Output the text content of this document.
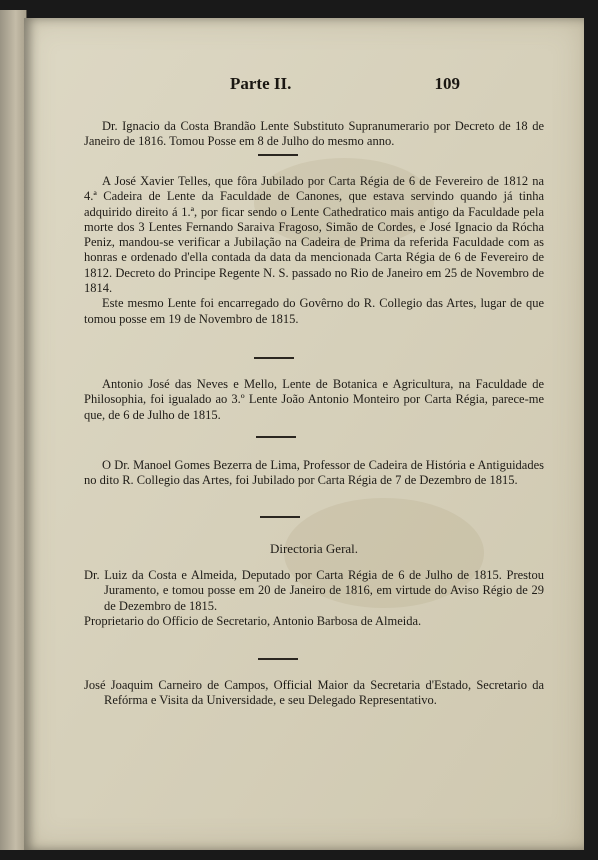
Parte II.	109

Dr. Ignacio da Costa Brandão Lente Substituto Supranumerario por Decreto de 18 de Janeiro de 1816. Tomou Posse em 8 de Julho do mesmo anno.

A José Xavier Telles, que fôra Jubilado por Carta Régia de 6 de Fevereiro de 1812 na 4.ª Cadeira de Lente da Faculdade de Canones, que estava servindo quando já tinha adquirido direito á 1.ª, por ficar sendo o Lente Cathedratico mais antigo da Faculdade pela morte dos 3 Lentes Fernando Saraiva Fragoso, Simão de Cordes, e José Ignacio da Rócha Peniz, mandou-se verificar a Jubilação na Cadeira de Prima da referida Faculdade com as honras e ordenado d'ella contada da data da mencionada Carta Régia de 6 de Fevereiro de 1812. Decreto do Principe Regente N. S. passado no Rio de Janeiro em 25 de Novembro de 1814.

Este mesmo Lente foi encarregado do Govêrno do R. Collegio das Artes, lugar de que tomou posse em 19 de Novembro de 1815.

Antonio José das Neves e Mello, Lente de Botanica e Agricultura, na Faculdade de Philosophia, foi igualado ao 3.º Lente João Antonio Monteiro por Carta Régia, parece-me que, de 6 de Julho de 1815.

O Dr. Manoel Gomes Bezerra de Lima, Professor de Cadeira de História e Antiguidades no dito R. Collegio das Artes, foi Jubilado por Carta Régia de 7 de Dezembro de 1815.

Directoria Geral.

Dr. Luiz da Costa e Almeida, Deputado por Carta Régia de 6 de Julho de 1815. Prestou Juramento, e tomou posse em 20 de Janeiro de 1816, em virtude do Aviso Régio de 29 de Dezembro de 1815.

Proprietario do Officio de Secretario, Antonio Barbosa de Almeida.

José Joaquim Carneiro de Campos, Official Maior da Secretaria d'Estado, Secretario da Refórma e Visita da Universidade, e seu Delegado Representativo.
